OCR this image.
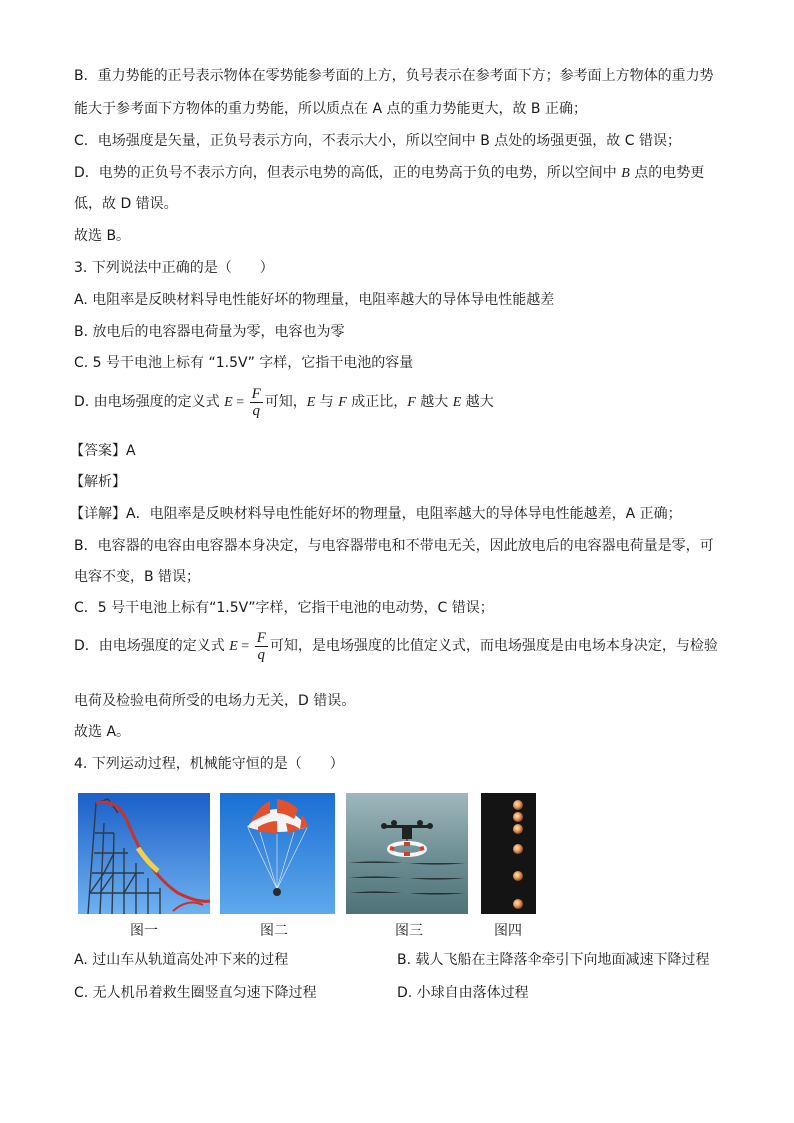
B．重力势能的正号表示物体在零势能参考面的上方，负号表示在参考面下方；参考面上方物体的重力势
能大于参考面下方物体的重力势能，所以质点在 A 点的重力势能更大，故 B 正确；
C．电场强度是矢量，正负号表示方向，不表示大小，所以空间中 B 点处的场强更强，故 C 错误；
D．电势的正负号不表示方向，但表示电势的高低，正的电势高于负的电势，所以空间中 B 点的电势更
低，故 D 错误。
故选 B。
3. 下列说法中正确的是（　　）
A. 电阻率是反映材料导电性能好坏的物理量，电阻率越大的导体导电性能越差
B. 放电后的电容器电荷量为零，电容也为零
C. 5 号干电池上标有 “1.5V” 字样，它指干电池的容量
D. 由电场强度的定义式 $E = \frac{F}{q}$ 可知，E 与 F 成正比，F 越大 E 越大
【答案】A
【解析】
【详解】A．电阻率是反映材料导电性能好坏的物理量，电阻率越大的导体导电性能越差，A 正确；
B．电容器的电容由电容器本身决定，与电容器带电和不带电无关，因此放电后的电容器电荷量是零，可
电容不变，B 错误；
C．5 号干电池上标有“1.5V”字样，它指干电池的电动势，C 错误；
D．由电场强度的定义式 $E = \frac{F}{q}$ 可知，是电场强度的比值定义式，而电场强度是由电场本身决定，与检验
电荷及检验电荷所受的电场力无关，D 错误。
故选 A。
4. 下列运动过程，机械能守恒的是（　　）
图一	图二	图三	图四
A. 过山车从轨道高处冲下来的过程	B. 载人飞船在主降落伞牵引下向地面减速下降过程
C. 无人机吊着救生圈竖直匀速下降过程	D. 小球自由落体过程
